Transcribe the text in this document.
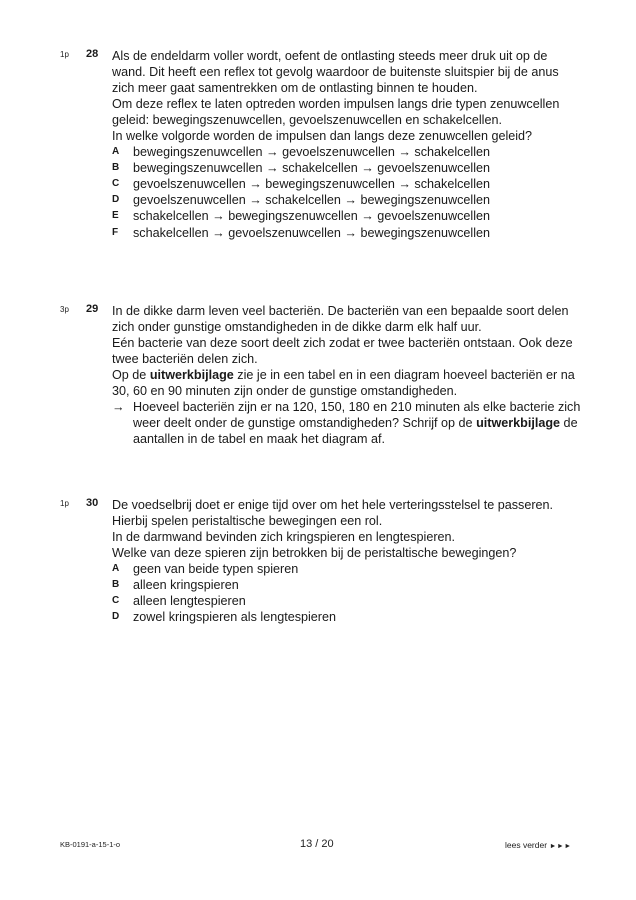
1p 28 Als de endeldarm voller wordt, oefent de ontlasting steeds meer druk uit op de wand. Dit heeft een reflex tot gevolg waardoor de buitenste sluitspier bij de anus zich meer gaat samentrekken om de ontlasting binnen te houden.

Om deze reflex te laten optreden worden impulsen langs drie typen zenuwcellen geleid: bewegingszenuwcellen, gevoelszenuwcellen en schakelcellen.

In welke volgorde worden de impulsen dan langs deze zenuwcellen geleid?

A	bewegingszenuwcellen → gevoelszenuwcellen → schakelcellen
B	bewegingszenuwcellen → schakelcellen → gevoelszenuwcellen
C	gevoelszenuwcellen → bewegingszenuwcellen → schakelcellen
D	gevoelszenuwcellen → schakelcellen → bewegingszenuwcellen
E	schakelcellen → bewegingszenuwcellen → gevoelszenuwcellen
F	schakelcellen → gevoelszenuwcellen → bewegingszenuwcellen
3p 29 In de dikke darm leven veel bacteriën. De bacteriën van een bepaalde soort delen zich onder gunstige omstandigheden in de dikke darm elk half uur.

Eén bacterie van deze soort deelt zich zodat er twee bacteriën ontstaan. Ook deze twee bacteriën delen zich.

Op de uitwerkbijlage zie je in een tabel en in een diagram hoeveel bacteriën er na 30, 60 en 90 minuten zijn onder de gunstige omstandigheden.

→ Hoeveel bacteriën zijn er na 120, 150, 180 en 210 minuten als elke bacterie zich weer deelt onder de gunstige omstandigheden? Schrijf op de uitwerkbijlage de aantallen in de tabel en maak het diagram af.
1p 30 De voedselbrij doet er enige tijd over om het hele verteringsstelsel te passeren. Hierbij spelen peristaltische bewegingen een rol.

In de darmwand bevinden zich kringspieren en lengtespieren.

Welke van deze spieren zijn betrokken bij de peristaltische bewegingen?

A	geen van beide typen spieren
B	alleen kringspieren
C	alleen lengtespieren
D	zowel kringspieren als lengtespieren
KB-0191-a-15-1-o	13 / 20	lees verder ►►►
